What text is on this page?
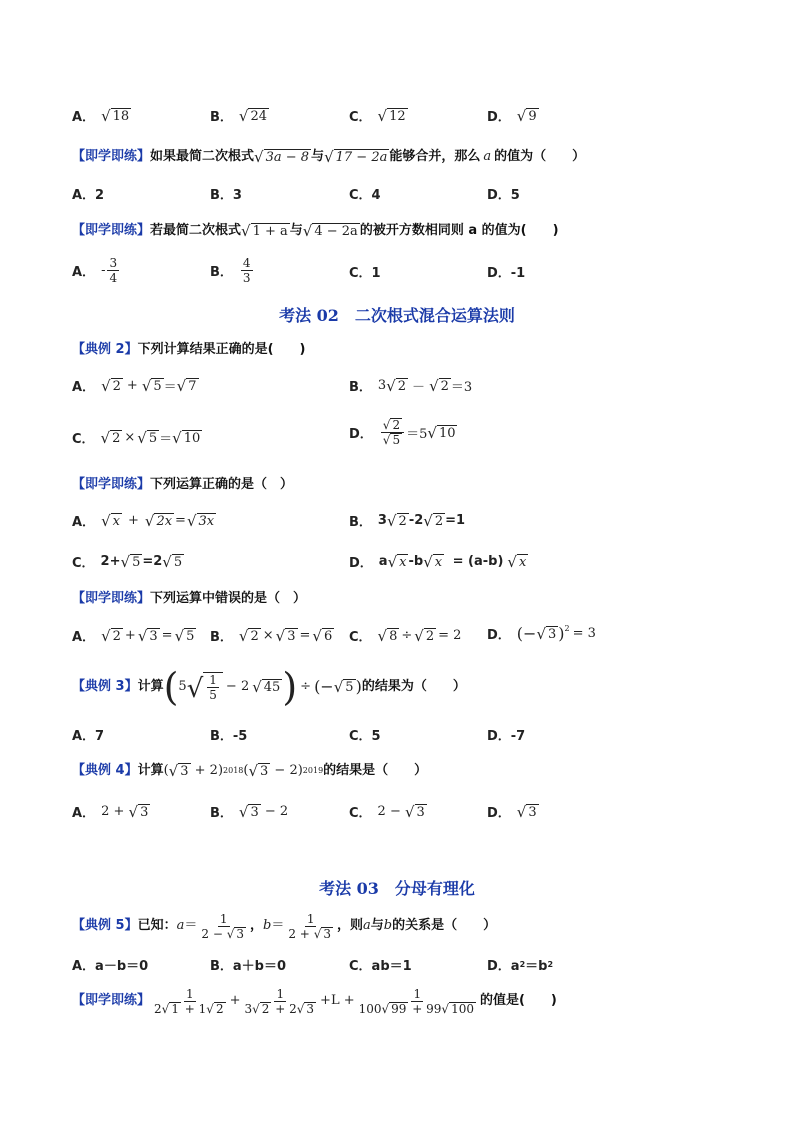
A． √ 18	B． √ 24	C． √ 12	D． √ 9
【即学即练】 如果最简二次根式 √ 3a − 8 与 √ 17 − 2a 能够合并，那么 a 的值为（　　）
A．2	B．3	C．4	D．5
【即学即练】 若最简二次根式 √ 1 + a 与 √ 4 − 2a 的被开方数相同则 a 的值为(　　)
A． - $\frac{3}{4}$	B． $\frac{4}{3}$	C．1	D．-1
考法 02　二次根式混合运算法则
【典例 2】 下列计算结果正确的是(　　)
A． √ 2 + √ 5 ＝ √ 7	B． 3 √ 2 － √ 2 ＝3
C． √ 2 × √ 5 ＝ √ 10	D． $\frac{√ 2}{√ 5} =5$ √ 10
【即学即练】 下列运算正确的是（　）
A． √ x + √ 2x = √ 3x	B． 3 √ 2 -2 √ 2 =1
C． 2+ √ 5 =2 √ 5	D． a √ x -b √ x = (a-b) √ x
【即学即练】 下列运算中错误的是（　）
A． √ 2 + √ 3 = √ 5 B． √ 2 × √ 3 = √ 6 C． √ 8 ÷ √ 2 = 2 D． (− √ 3 ) 2 = 3
【典例 3】 计算 ( 5 √ $\frac{1}{5} - 2$ √ 45 ) ÷ (− √ 5 ) 的结果为（　　）
A．7	B．-5	C．5	D．-7
【典例 4】 计算 ( √ 3 + 2) 2018 ( √ 3 − 2) 2019 的结果是（　　）
A． 2 + √ 3	B． √ 3 − 2	C． 2 − √ 3	D． √ 3
考法 03　分母有理化
【典例 5】 已知： $a = \frac{1}{2 - √ 3}$ ， $b = \frac{1}{2 + √ 3}$ ，则 a 与 b 的关系是（　　）
A．a－b＝0	B．a＋b＝0	C．ab＝1	D．a 2 ＝b 2
【即学即练】 $\frac{1}{2 √ 1 + 1 √ 2} + \frac{1}{3 √ 2 + 2 √ 3} +L + \frac{1}{100 √ 99 + 99 √ 100}$ 的值是(　　)
